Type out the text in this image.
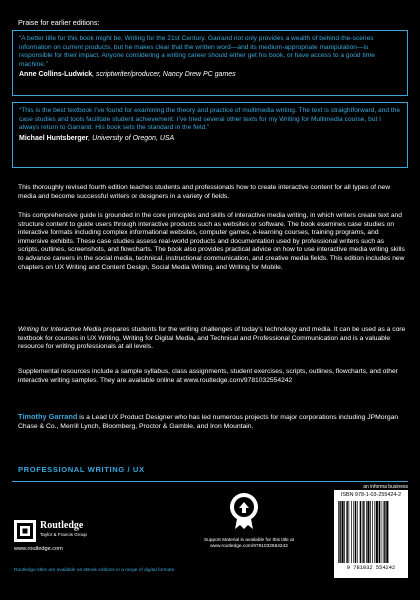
Praise for earlier editions:
“A better title for this book might be, Writing for the 21st Century. Garrand not only provides a wealth of behind-the-scenes information on current products, but he makes clear that the written word—and its medium-appropriate manipulation—is responsible for their impact. Anyone considering a writing career should either get his book, or have access to a good time machine.”
Anne Collins-Ludwick, scriptwriter/producer, Nancy Drew PC games
“This is the best textbook I’ve found for examining the theory and practice of multimedia writing. The text is straightforward, and the case studies and tools facilitate student achievement. I’ve tried several other texts for my Writing for Multimedia course, but I always return to Garrand. His book sets the standard in the field.”
Michael Huntsberger, University of Oregon, USA
This thoroughly revised fourth edition teaches students and professionals how to create interactive content for all types of new media and become successful writers or designers in a variety of fields.
This comprehensive guide is grounded in the core principles and skills of interactive media writing, in which writers create text and structure content to guide users through interactive products such as websites or software. The book examines case studies on interactive formats including complex informational websites, computer games, e-learning courses, training programs, and immersive exhibits. These case studies assess real-world products and documentation used by professional writers such as scripts, outlines, screenshots, and flowcharts. The book also provides practical advice on how to use interactive media writing skills to advance careers in the social media, technical, instructional communication, and creative media fields. This edition includes new chapters on UX Writing and Content Design, Social Media Writing, and Writing for Mobile.
Writing for Interactive Media prepares students for the writing challenges of today’s technology and media. It can be used as a core textbook for courses in UX Writing, Writing for Digital Media, and Technical and Professional Communication and is a valuable resource for writing professionals at all levels.
Supplemental resources include a sample syllabus, class assignments, student exercises, scripts, outlines, flowcharts, and other interactive writing samples. They are available online at www.routledge.com/9781032554242
Timothy Garrand is a Lead UX Product Designer who has led numerous projects for major corporations including JPMorgan Chase & Co., Merrill Lynch, Bloomberg, Proctor & Gamble, and Iron Mountain.
PROFESSIONAL WRITING / UX
an informa business
Routledge
Taylor & Francis Group
www.routledge.com
Routledge titles are available as eBook editions in a range of digital formats
Support Material is available for this title at
www.routledge.com/9781032554242
ISBN 978-1-03-255424-2
9 781032 554242
